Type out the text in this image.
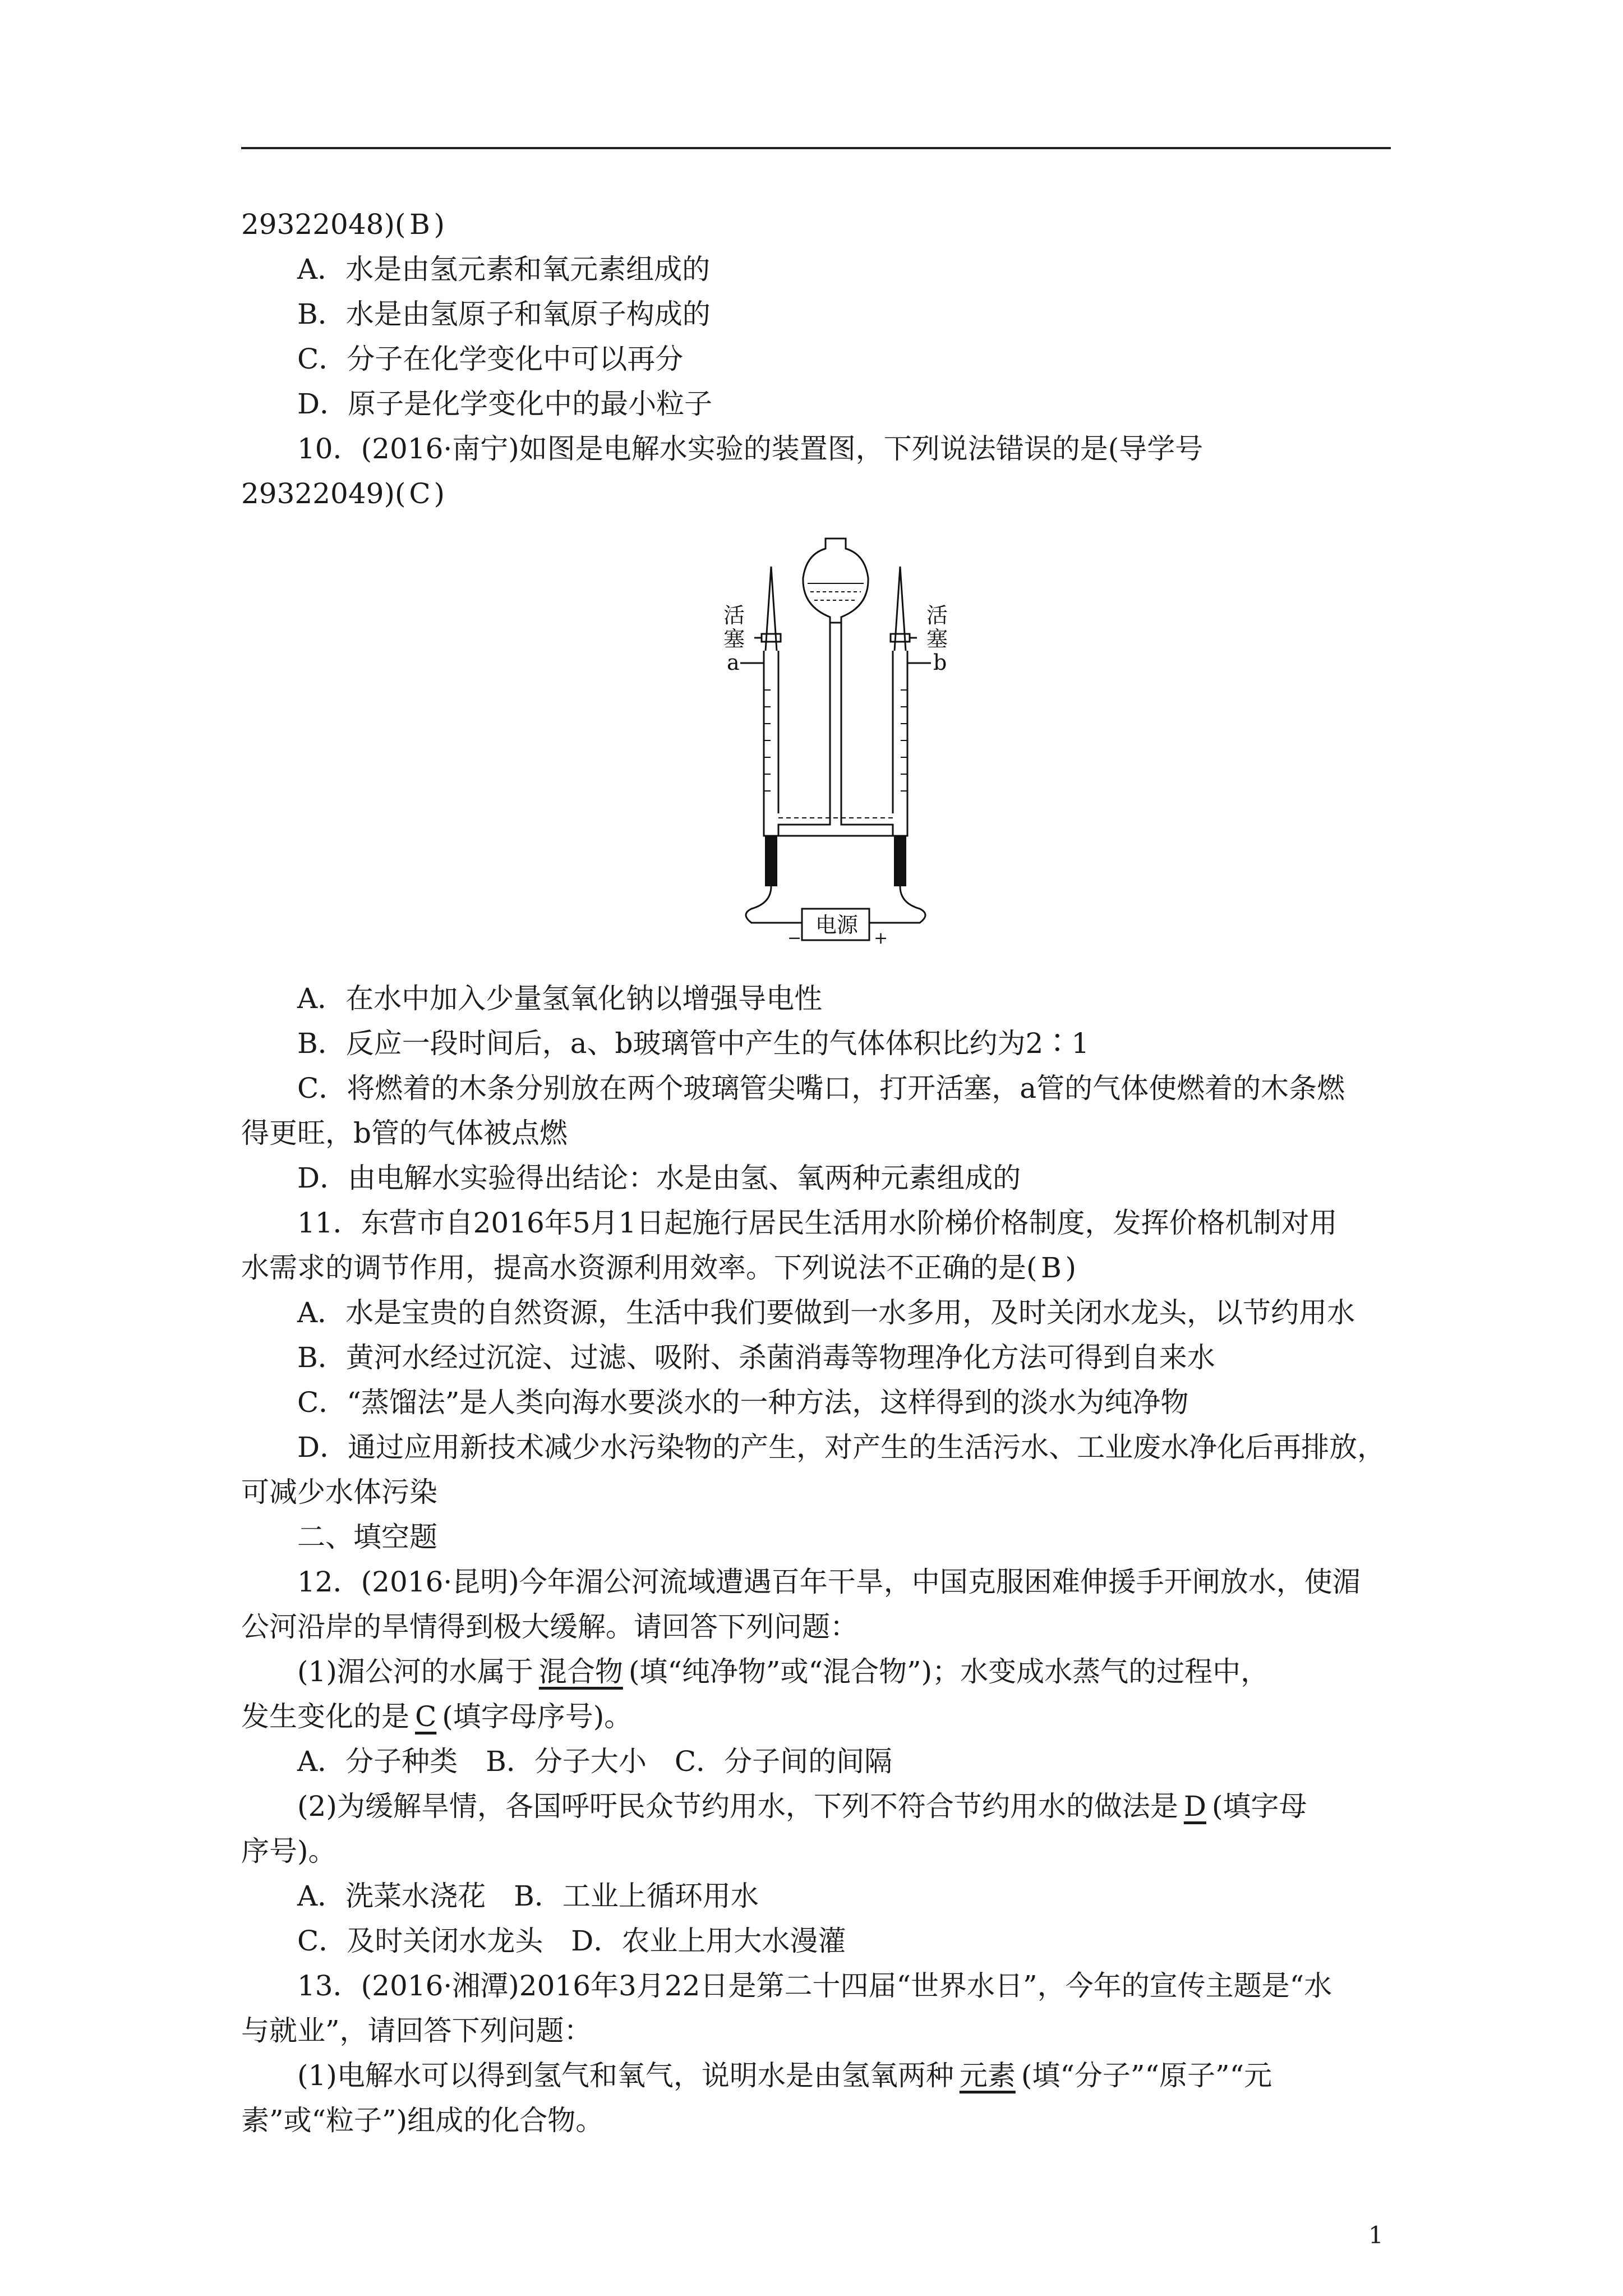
29322048)( B )
A．水是由氢元素和氧元素组成的
B．水是由氢原子和氧原子构成的
C．分子在化学变化中可以再分
D．原子是化学变化中的最小粒子
10．(2016·南宁)如图是电解水实验的装置图，下列说法错误的是(导学号
29322049)( C )
活
塞
活
塞
a	b
电源
−	+
A．在水中加入少量氢氧化钠以增强导电性
B．反应一段时间后，a、b玻璃管中产生的气体体积比约为2∶1
C．将燃着的木条分别放在两个玻璃管尖嘴口，打开活塞，a管的气体使燃着的木条燃
得更旺，b管的气体被点燃
D．由电解水实验得出结论：水是由氢、氧两种元素组成的
11．东营市自2016年5月1日起施行居民生活用水阶梯价格制度，发挥价格机制对用
水需求的调节作用，提高水资源利用效率。下列说法不正确的是( B )
A．水是宝贵的自然资源，生活中我们要做到一水多用，及时关闭水龙头，以节约用水
B．黄河水经过沉淀、过滤、吸附、杀菌消毒等物理净化方法可得到自来水
C．“蒸馏法”是人类向海水要淡水的一种方法，这样得到的淡水为纯净物
D．通过应用新技术减少水污染物的产生，对产生的生活污水、工业废水净化后再排放，
可减少水体污染
二、填空题
12．(2016·昆明)今年湄公河流域遭遇百年干旱，中国克服困难伸援手开闸放水，使湄
公河沿岸的旱情得到极大缓解。请回答下列问题：
(1)湄公河的水属于 混合物 (填“纯净物”或“混合物”)；水变成水蒸气的过程中，
发生变化的是 C (填字母序号)。
A．分子种类　B．分子大小　C．分子间的间隔
(2)为缓解旱情，各国呼吁民众节约用水，下列不符合节约用水的做法是 D (填字母
序号)。
A．洗菜水浇花　B．工业上循环用水
C．及时关闭水龙头　D．农业上用大水漫灌
13．(2016·湘潭)2016年3月22日是第二十四届“世界水日”，今年的宣传主题是“水
与就业”，请回答下列问题：
(1)电解水可以得到氢气和氧气，说明水是由氢氧两种 元素 (填“分子”“原子”“元
素”或“粒子”)组成的化合物。
1
